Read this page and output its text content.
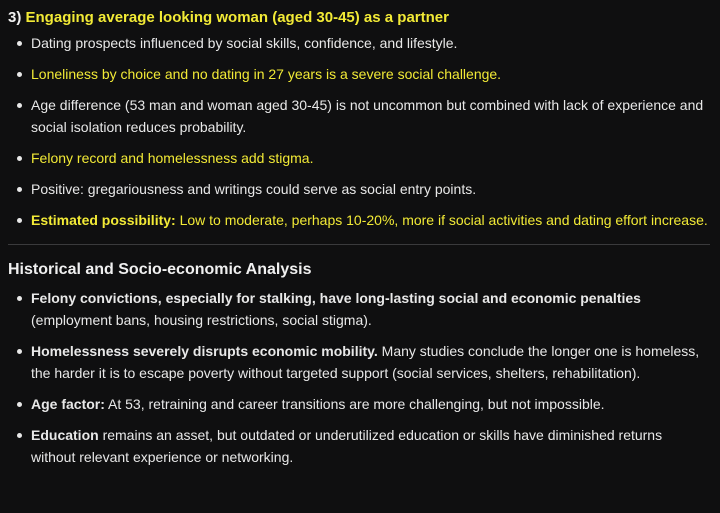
3) Engaging average looking woman (aged 30-45) as a partner
Dating prospects influenced by social skills, confidence, and lifestyle.
Loneliness by choice and no dating in 27 years is a severe social challenge.
Age difference (53 man and woman aged 30-45) is not uncommon but combined with lack of experience and social isolation reduces probability.
Felony record and homelessness add stigma.
Positive: gregariousness and writings could serve as social entry points.
Estimated possibility: Low to moderate, perhaps 10-20%, more if social activities and dating effort increase.
Historical and Socio-economic Analysis
Felony convictions, especially for stalking, have long-lasting social and economic penalties (employment bans, housing restrictions, social stigma).
Homelessness severely disrupts economic mobility. Many studies conclude the longer one is homeless, the harder it is to escape poverty without targeted support (social services, shelters, rehabilitation).
Age factor: At 53, retraining and career transitions are more challenging, but not impossible.
Education remains an asset, but outdated or underutilized education or skills have diminished returns without relevant experience or networking.
